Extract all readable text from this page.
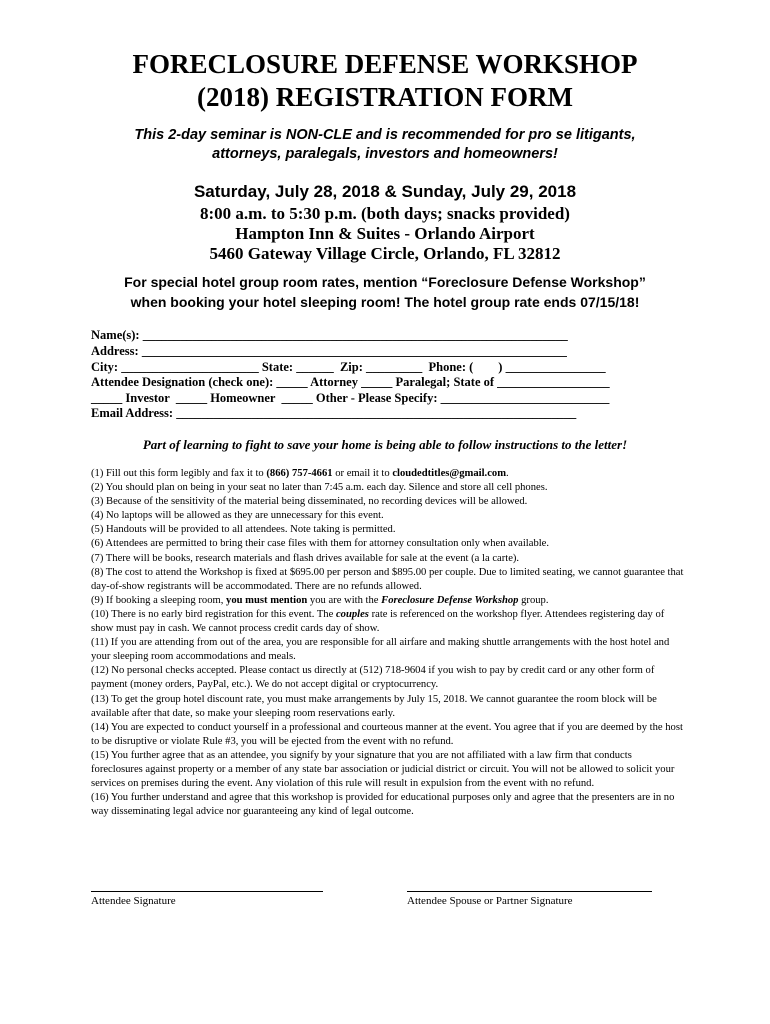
FORECLOSURE DEFENSE WORKSHOP
(2018) REGISTRATION FORM
This 2-day seminar is NON-CLE and is recommended for pro se litigants,
attorneys, paralegals, investors and homeowners!
Saturday, July 28, 2018 & Sunday, July 29, 2018
8:00 a.m. to 5:30 p.m. (both days; snacks provided)
Hampton Inn & Suites - Orlando Airport
5460 Gateway Village Circle, Orlando, FL 32812
For special hotel group room rates, mention “Foreclosure Defense Workshop”
when booking your hotel sleeping room! The hotel group rate ends 07/15/18!
Name(s): ____________________________________________________________________
Address: ____________________________________________________________________
City: ______________________ State: ______  Zip: _________  Phone: (        ) ________________
Attendee Designation (check one): _____ Attorney _____ Paralegal; State of __________________
_____ Investor  _____ Homeowner  _____ Other - Please Specify: ___________________________
Email Address: ________________________________________________________________
Part of learning to fight to save your home is being able to follow instructions to the letter!

(1) Fill out this form legibly and fax it to (866) 757-4661 or email it to cloudedtitles@gmail.com.

(2) You should plan on being in your seat no later than 7:45 a.m. each day. Silence and store all cell phones.

(3) Because of the sensitivity of the material being disseminated, no recording devices will be allowed.

(4) No laptops will be allowed as they are unnecessary for this event.

(5) Handouts will be provided to all attendees. Note taking is permitted.

(6) Attendees are permitted to bring their case files with them for attorney consultation only when available.

(7) There will be books, research materials and flash drives available for sale at the event (a la carte).

(8) The cost to attend the Workshop is fixed at $695.00 per person and $895.00 per couple. Due to limited seating, we cannot guarantee that day-of-show registrants will be accommodated. There are no refunds allowed.

(9) If booking a sleeping room, you must mention you are with the Foreclosure Defense Workshop group.

(10) There is no early bird registration for this event. The couples rate is referenced on the workshop flyer. Attendees registering day of show must pay in cash. We cannot process credit cards day of show.

(11) If you are attending from out of the area, you are responsible for all airfare and making shuttle arrangements with the host hotel and your sleeping room accommodations and meals.

(12) No personal checks accepted. Please contact us directly at (512) 718-9604 if you wish to pay by credit card or any other form of payment (money orders, PayPal, etc.). We do not accept digital or cryptocurrency.

(13) To get the group hotel discount rate, you must make arrangements by July 15, 2018. We cannot guarantee the room block will be available after that date, so make your sleeping room reservations early.

(14) You are expected to conduct yourself in a professional and courteous manner at the event. You agree that if you are deemed by the host to be disruptive or violate Rule #3, you will be ejected from the event with no refund.

(15) You further agree that as an attendee, you signify by your signature that you are not affiliated with a law firm that conducts foreclosures against property or a member of any state bar association or judicial district or circuit. You will not be allowed to solicit your services on premises during the event. Any violation of this rule will result in expulsion from the event with no refund.

(16) You further understand and agree that this workshop is provided for educational purposes only and agree that the presenters are in no way disseminating legal advice nor guaranteeing any kind of legal outcome.

Attendee Signature	Attendee Spouse or Partner Signature
